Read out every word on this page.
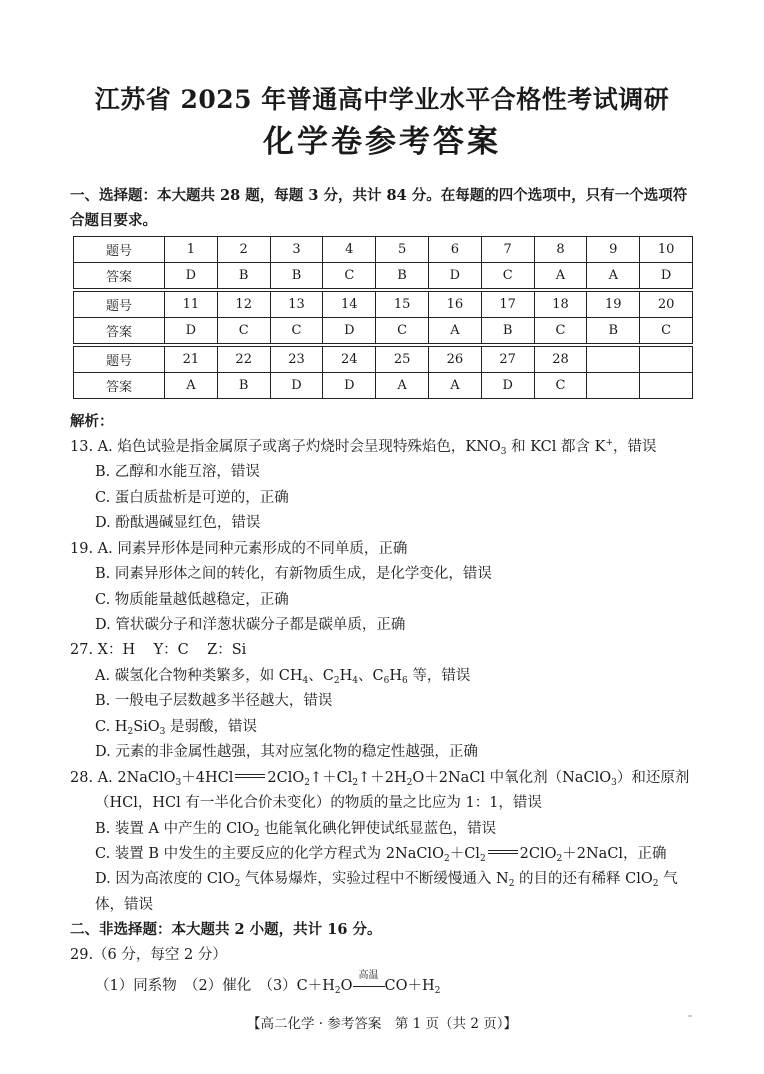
江苏省 2025 年普通高中学业水平合格性考试调研
化学卷参考答案
一、选择题：本大题共 28 题，每题 3 分，共计 84 分。在每题的四个选项中，只有一个选项符合题目要求。
题号	1	2	3	4	5	6	7	8	9	10
答案	D	B	B	C	B	D	C	A	A	D
题号	11	12	13	14	15	16	17	18	19	20
答案	D	C	C	D	C	A	B	C	B	C
题号	21	22	23	24	25	26	27	28		
答案	A	B	D	D	A	A	D	C		
解析：
13. A. 焰色试验是指金属原子或离子灼烧时会呈现特殊焰色，$KNO_3$ 和 KCl 都含 K+，错误
B. 乙醇和水能互溶，错误
C. 蛋白质盐析是可逆的，正确
D. 酚酞遇碱显红色，错误
19. A. 同素异形体是同种元素形成的不同单质，正确
B. 同素异形体之间的转化，有新物质生成，是化学变化，错误
C. 物质能量越低越稳定，正确
D. 管状碳分子和洋葱状碳分子都是碳单质，正确
27. X：H    Y：C    Z：Si
A. 碳氢化合物种类繁多，如 $CH_4$、$C_2H_4$、$C_6H_6$ 等，错误
B. 一般电子层数越多半径越大，错误
C. $H_2SiO_3$ 是弱酸，错误
D. 元素的非金属性越强，其对应氢化物的稳定性越强，正确
28. A. 2NaClO$_3$＋4HCl $2ClO_2↑+Cl_2↑+2H_2O+2NaCl$ 中氧化剂（NaClO$_3$）和还原剂
（HCl，HCl 有一半化合价未变化）的物质的量之比应为 1：1，错误
B. 装置 A 中产生的 ClO$_2$ 也能氧化碘化钾使试纸显蓝色，错误
C. 装置 B 中发生的主要反应的化学方程式为 $2NaClO_2+Cl_2$ 2ClO$_2$＋2NaCl，正确
D. 因为高浓度的 ClO$_2$ 气体易爆炸，实验过程中不断缓慢通入 $N_2$ 的目的还有稀释 ClO$_2$ 气
体，错误
二、非选择题：本大题共 2 小题，共计 16 分。
29.（6 分，每空 2 分）
（1）同系物　（2）催化　$(3)C+H_2O$
高温
$CO+H_2$
【高二化学 · 参考答案　第 1 页（共 2 页）】
